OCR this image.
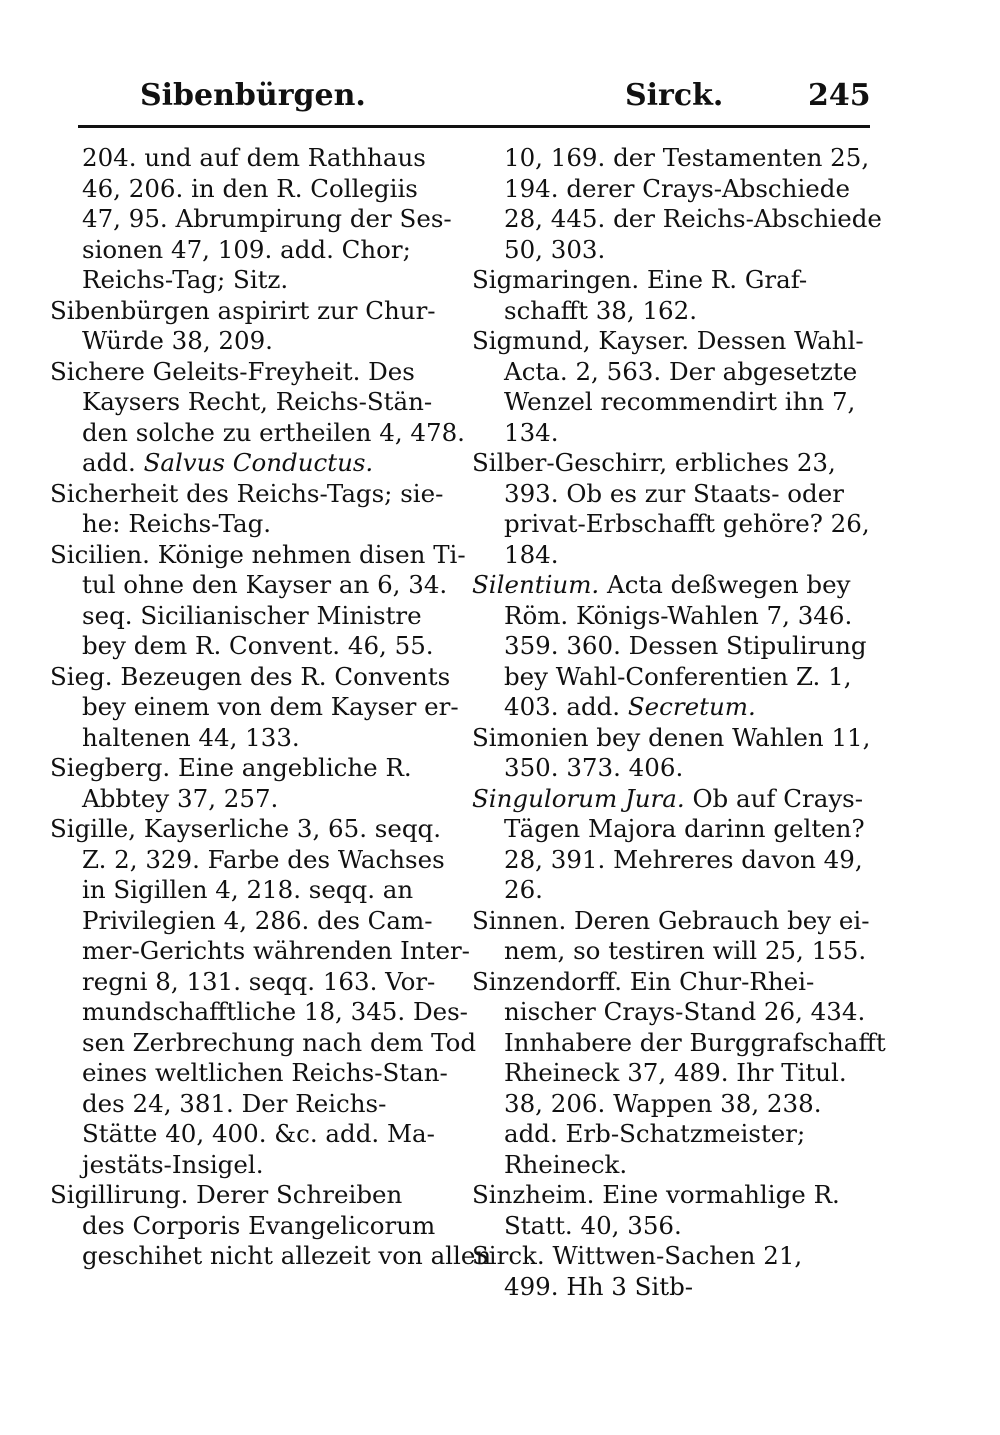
Sibenbürgen.	Sirck.	245
204. und auf dem Rathhaus
46, 206. in den R. Collegiis
47, 95. Abrumpirung der Ses-
sionen 47, 109. add. Chor;
Reichs-Tag; Sitz.
Sibenbürgen aspirirt zur Chur-
Würde 38, 209.
Sichere Geleits-Freyheit. Des
Kaysers Recht, Reichs-Stän-
den solche zu ertheilen 4, 478.
add. Salvus Conductus.
Sicherheit des Reichs-Tags; sie-
he: Reichs-Tag.
Sicilien. Könige nehmen disen Ti-
tul ohne den Kayser an 6, 34.
seq. Sicilianischer Ministre
bey dem R. Convent. 46, 55.
Sieg. Bezeugen des R. Convents
bey einem von dem Kayser er-
haltenen 44, 133.
Siegberg. Eine angebliche R.
Abbtey 37, 257.
Sigille, Kayserliche 3, 65. seqq.
Z. 2, 329. Farbe des Wachses
in Sigillen 4, 218. seqq. an
Privilegien 4, 286. des Cam-
mer-Gerichts währenden Inter-
regni 8, 131. seqq. 163. Vor-
mundschafftliche 18, 345. Des-
sen Zerbrechung nach dem Tod
eines weltlichen Reichs-Stan-
des 24, 381. Der Reichs-
Stätte 40, 400. &c. add. Ma-
jestäts-Insigel.
Sigillirung. Derer Schreiben
des Corporis Evangelicorum
geschihet nicht allezeit von allen
10, 169. der Testamenten 25,
194. derer Crays-Abschiede
28, 445. der Reichs-Abschiede
50, 303.
Sigmaringen. Eine R. Graf-
schafft 38, 162.
Sigmund, Kayser. Dessen Wahl-
Acta. 2, 563. Der abgesetzte
Wenzel recommendirt ihn 7,
134.
Silber-Geschirr, erbliches 23,
393. Ob es zur Staats- oder
privat-Erbschafft gehöre? 26,
184.
Silentium. Acta deßwegen bey
Röm. Königs-Wahlen 7, 346.
359. 360. Dessen Stipulirung
bey Wahl-Conferentien Z. 1,
403. add. Secretum.
Simonien bey denen Wahlen 11,
350. 373. 406.
Singulorum Jura. Ob auf Crays-
Tägen Majora darinn gelten?
28, 391. Mehreres davon 49,
26.
Sinnen. Deren Gebrauch bey ei-
nem, so testiren will 25, 155.
Sinzendorff. Ein Chur-Rhei-
nischer Crays-Stand 26, 434.
Innhabere der Burggrafschafft
Rheineck 37, 489. Ihr Titul.
38, 206. Wappen 38, 238.
add. Erb-Schatzmeister;
Rheineck.
Sinzheim. Eine vormahlige R.
Statt. 40, 356.
Sirck. Wittwen-Sachen 21,
499. Hh 3 Sitb-
